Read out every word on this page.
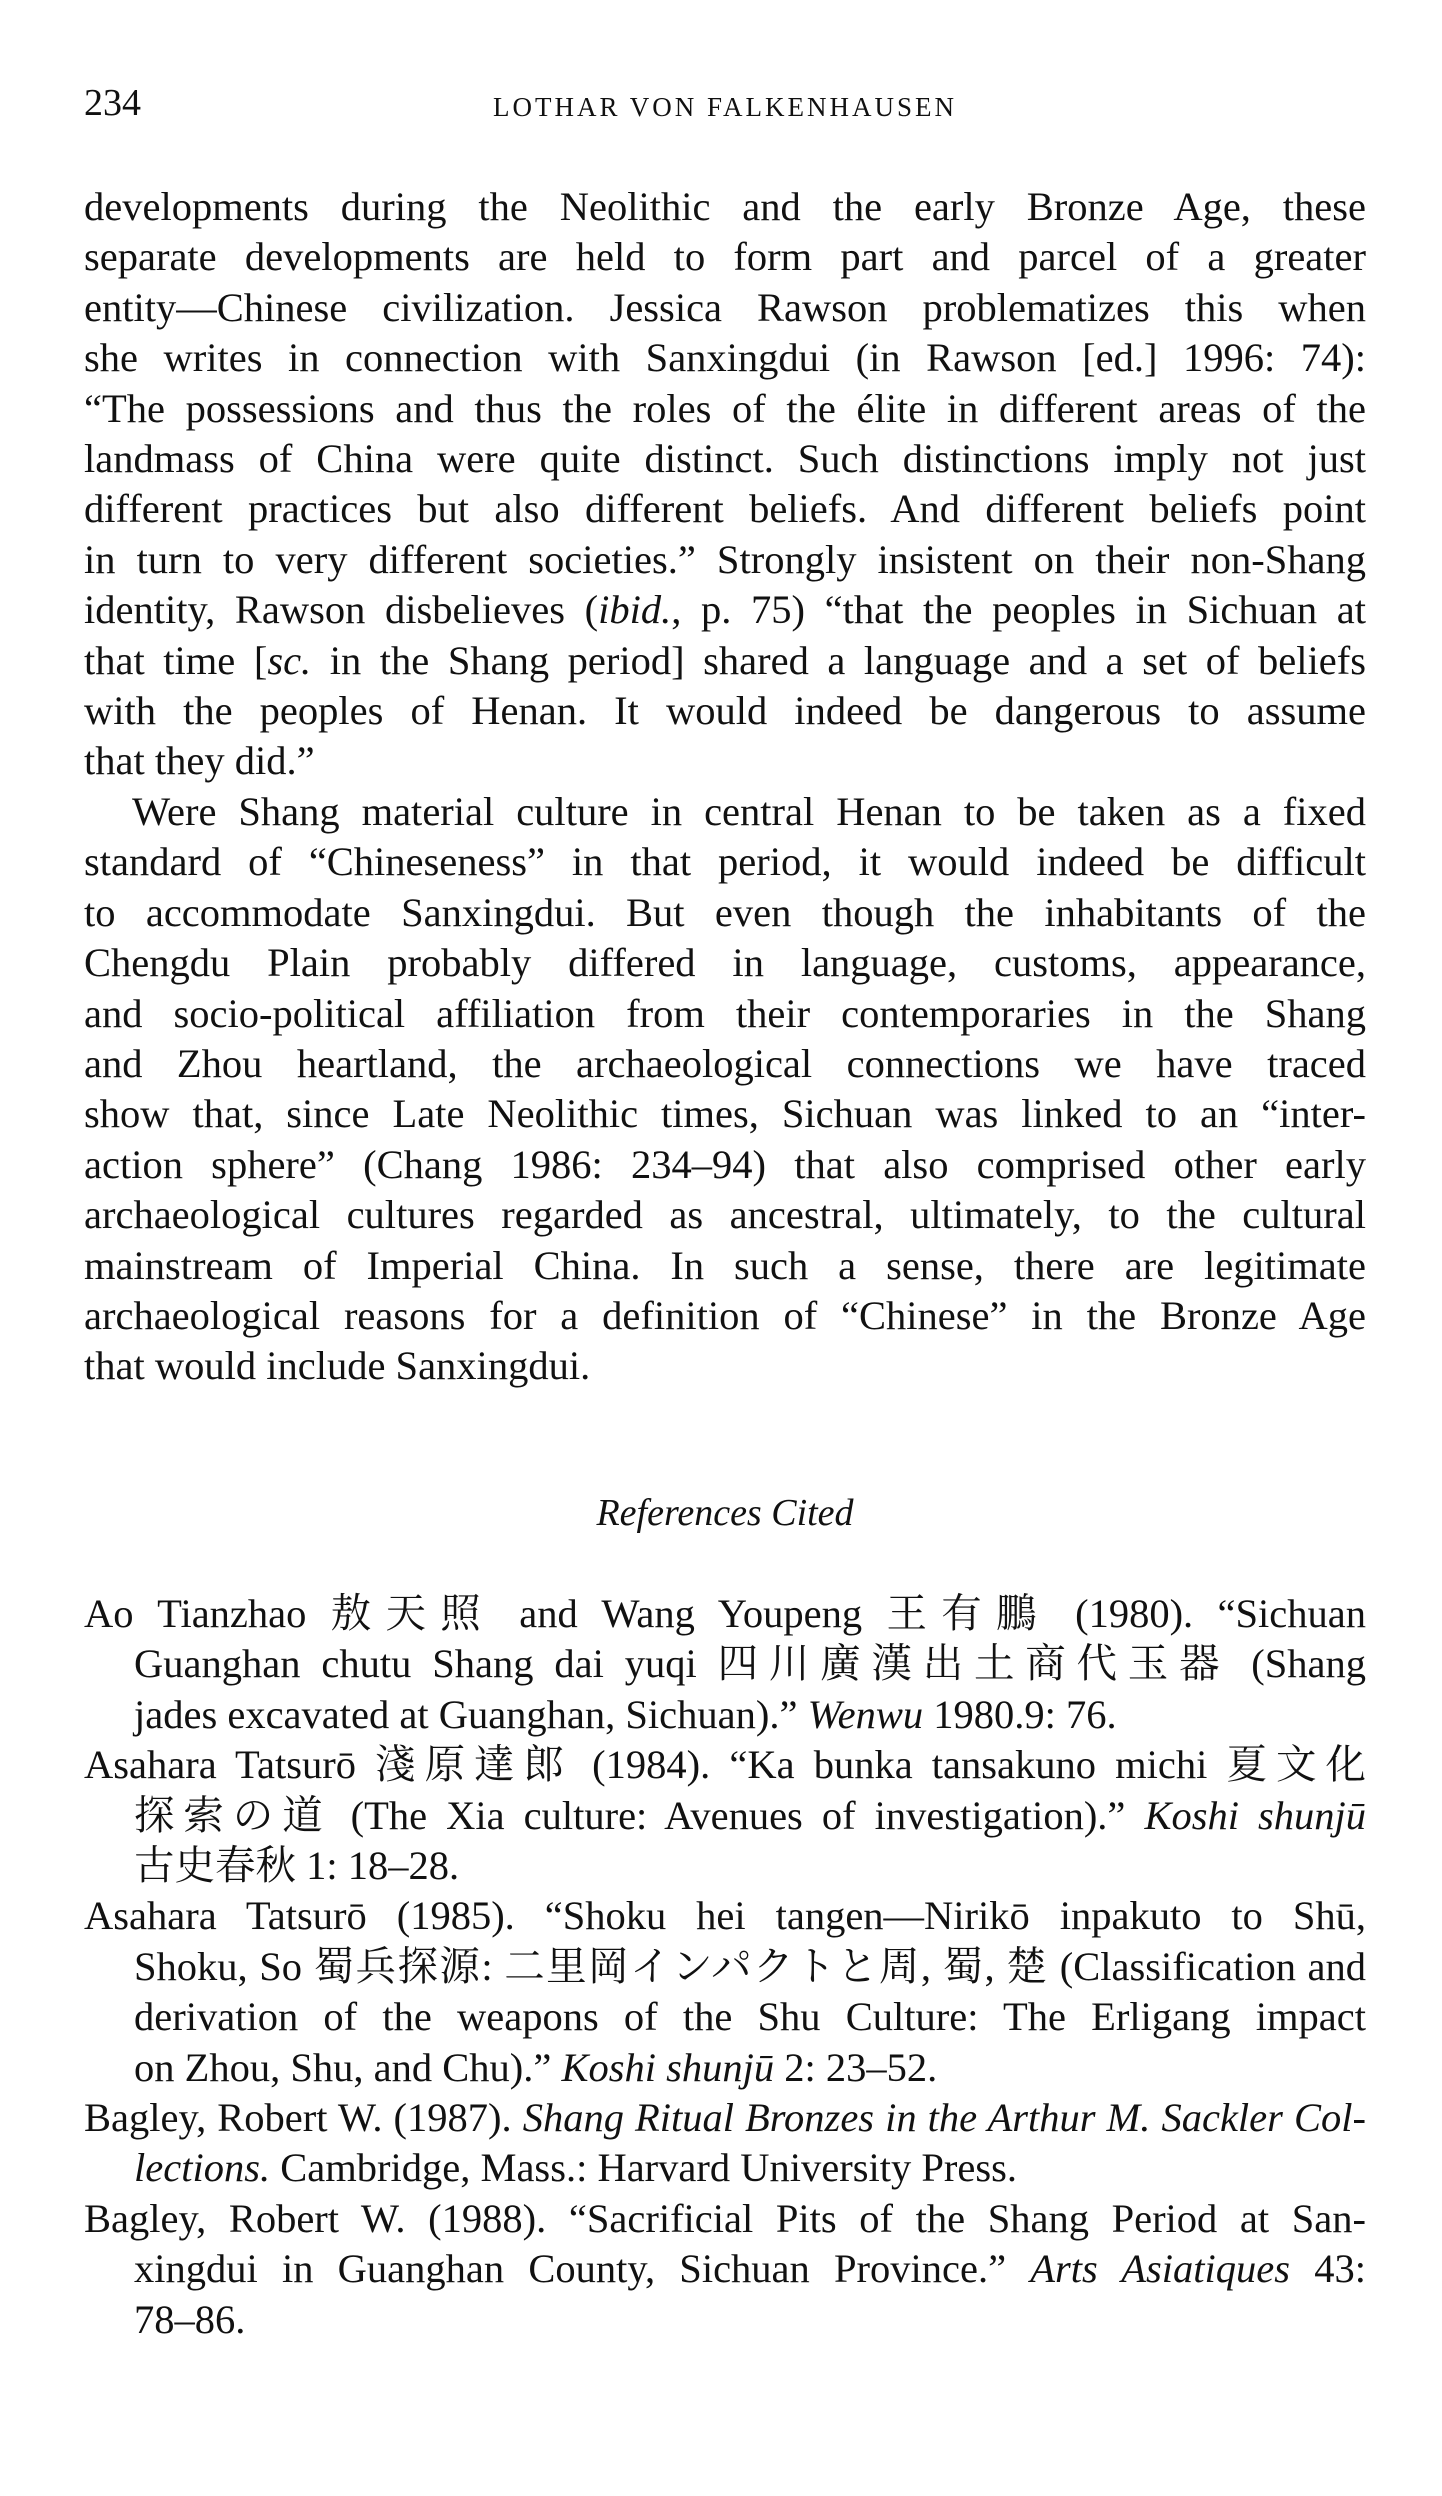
234	LOTHAR VON FALKENHAUSEN

developments during the Neolithic and the early Bronze Age, these
separate developments are held to form part and parcel of a greater
entity—Chinese civilization. Jessica Rawson problematizes this when
she writes in connection with Sanxingdui (in Rawson [ed.] 1996: 74):
“The possessions and thus the roles of the élite in different areas of the
landmass of China were quite distinct. Such distinctions imply not just
different practices but also different beliefs. And different beliefs point
in turn to very different societies.” Strongly insistent on their non-Shang
identity, Rawson disbelieves (ibid., p. 75) “that the peoples in Sichuan at
that time [sc. in the Shang period] shared a language and a set of beliefs
with the peoples of Henan. It would indeed be dangerous to assume
that they did.”

Were Shang material culture in central Henan to be taken as a fixed
standard of “Chineseness” in that period, it would indeed be difficult
to accommodate Sanxingdui. But even though the inhabitants of the
Chengdu Plain probably differed in language, customs, appearance,
and socio-political affiliation from their contemporaries in the Shang
and Zhou heartland, the archaeological connections we have traced
show that, since Late Neolithic times, Sichuan was linked to an “inter-
action sphere” (Chang 1986: 234–94) that also comprised other early
archaeological cultures regarded as ancestral, ultimately, to the cultural
mainstream of Imperial China. In such a sense, there are legitimate
archaeological reasons for a definition of “Chinese” in the Bronze Age
that would include Sanxingdui.

References Cited

Ao Tianzhao 敖天照 and Wang Youpeng 王有鵬 (1980). “Sichuan
Guanghan chutu Shang dai yuqi 四川廣漢出土商代玉器 (Shang
jades excavated at Guanghan, Sichuan).” Wenwu 1980.9: 76.

Asahara Tatsurō 淺原達郎 (1984). “Ka bunka tansakuno michi 夏文化
探索の道 (The Xia culture: Avenues of investigation).” Koshi shunjū
古史春秋 1: 18–28.

Asahara Tatsurō (1985). “Shoku hei tangen—Nirikō inpakuto to Shū,
Shoku, So 蜀兵探源: 二里岡インパクトと周, 蜀, 楚 (Classification and
derivation of the weapons of the Shu Culture: The Erligang impact
on Zhou, Shu, and Chu).” Koshi shunjū 2: 23–52.

Bagley, Robert W. (1987). Shang Ritual Bronzes in the Arthur M. Sackler Col-
lections. Cambridge, Mass.: Harvard University Press.

Bagley, Robert W. (1988). “Sacrificial Pits of the Shang Period at San-
xingdui in Guanghan County, Sichuan Province.” Arts Asiatiques 43:
78–86.
